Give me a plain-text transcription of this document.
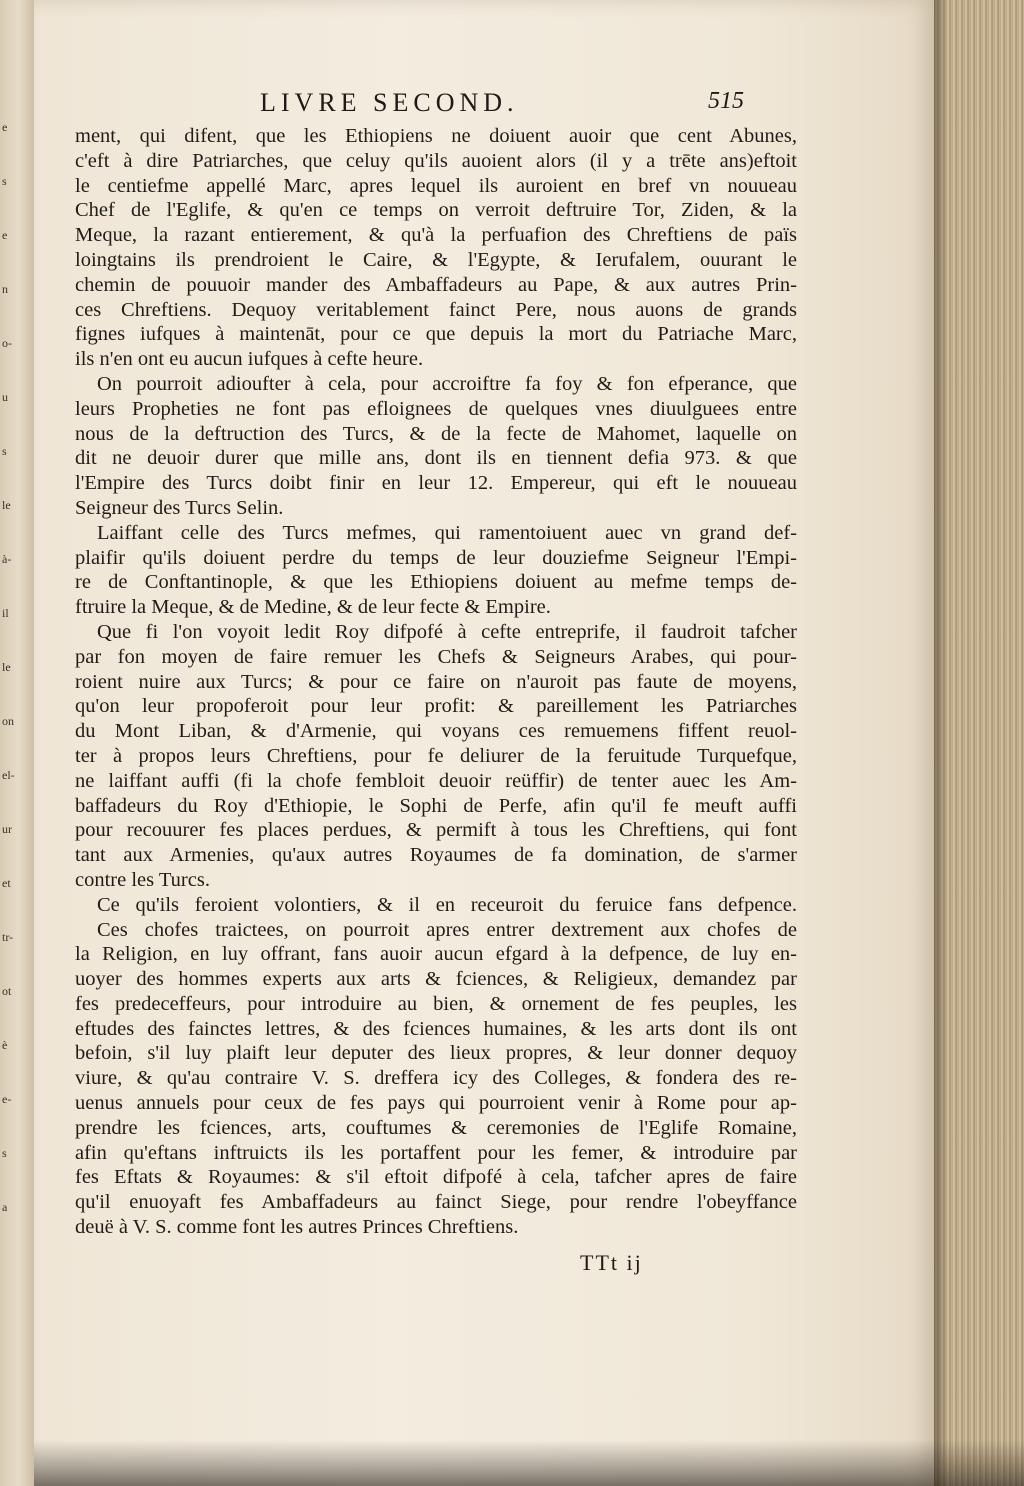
e
s
e
n
o-
u
s
le
à-
il
le
on
el-
ur
et
tr-
ot
è
e-
s
a
LIVRE SECOND.	515
ment, qui difent, que les Ethiopiens ne doiuent auoir que cent Abunes,
c'eft à dire Patriarches, que celuy qu'ils auoient alors (il y a trēte ans)eftoit
le centiefme appellé Marc, apres lequel ils auroient en bref vn nouueau
Chef de l'Eglife, & qu'en ce temps on verroit deftruire Tor, Ziden, & la
Meque, la razant entierement, & qu'à la perfuafion des Chreftiens de païs
loingtains ils prendroient le Caire, & l'Egypte, & Ierufalem, ouurant le
chemin de pouuoir mander des Ambaffadeurs au Pape, & aux autres Prin-
ces Chreftiens. Dequoy veritablement fainct Pere, nous auons de grands
fignes iufques à maintenāt, pour ce que depuis la mort du Patriache Marc,
ils n'en ont eu aucun iufques à cefte heure.
On pourroit adioufter à cela, pour accroiftre fa foy & fon efperance, que
leurs Propheties ne font pas efloignees de quelques vnes diuulguees entre
nous de la deftruction des Turcs, & de la fecte de Mahomet, laquelle on
dit ne deuoir durer que mille ans, dont ils en tiennent defia 973. & que
l'Empire des Turcs doibt finir en leur 12. Empereur, qui eft le nouueau
Seigneur des Turcs Selin.
Laiffant celle des Turcs mefmes, qui ramentoiuent auec vn grand def-
plaifir qu'ils doiuent perdre du temps de leur douziefme Seigneur l'Empi-
re de Conftantinople, & que les Ethiopiens doiuent au mefme temps de-
ftruire la Meque, & de Medine, & de leur fecte & Empire.
Que fi l'on voyoit ledit Roy difpofé à cefte entreprife, il faudroit tafcher
par fon moyen de faire remuer les Chefs & Seigneurs Arabes, qui pour-
roient nuire aux Turcs; & pour ce faire on n'auroit pas faute de moyens,
qu'on leur propoferoit pour leur profit: & pareillement les Patriarches
du Mont Liban, & d'Armenie, qui voyans ces remuemens fiffent reuol-
ter à propos leurs Chreftiens, pour fe deliurer de la feruitude Turquefque,
ne laiffant auffi (fi la chofe fembloit deuoir reüffir) de tenter auec les Am-
baffadeurs du Roy d'Ethiopie, le Sophi de Perfe, afin qu'il fe meuft auffi
pour recouurer fes places perdues, & permift à tous les Chreftiens, qui font
tant aux Armenies, qu'aux autres Royaumes de fa domination, de s'armer
contre les Turcs.
Ce qu'ils feroient volontiers, & il en receuroit du feruice fans defpence.
Ces chofes traictees, on pourroit apres entrer dextrement aux chofes de
la Religion, en luy offrant, fans auoir aucun efgard à la defpence, de luy en-
uoyer des hommes experts aux arts & fciences, & Religieux, demandez par
fes predeceffeurs, pour introduire au bien, & ornement de fes peuples, les
eftudes des fainctes lettres, & des fciences humaines, & les arts dont ils ont
befoin, s'il luy plaift leur deputer des lieux propres, & leur donner dequoy
viure, & qu'au contraire V. S. dreffera icy des Colleges, & fondera des re-
uenus annuels pour ceux de fes pays qui pourroient venir à Rome pour ap-
prendre les fciences, arts, couftumes & ceremonies de l'Eglife Romaine,
afin qu'eftans inftruicts ils les portaffent pour les femer, & introduire par
fes Eftats & Royaumes: & s'il eftoit difpofé à cela, tafcher apres de faire
qu'il enuoyaft fes Ambaffadeurs au fainct Siege, pour rendre l'obeyffance
deuë à V. S. comme font les autres Princes Chreftiens.
TTt ij
